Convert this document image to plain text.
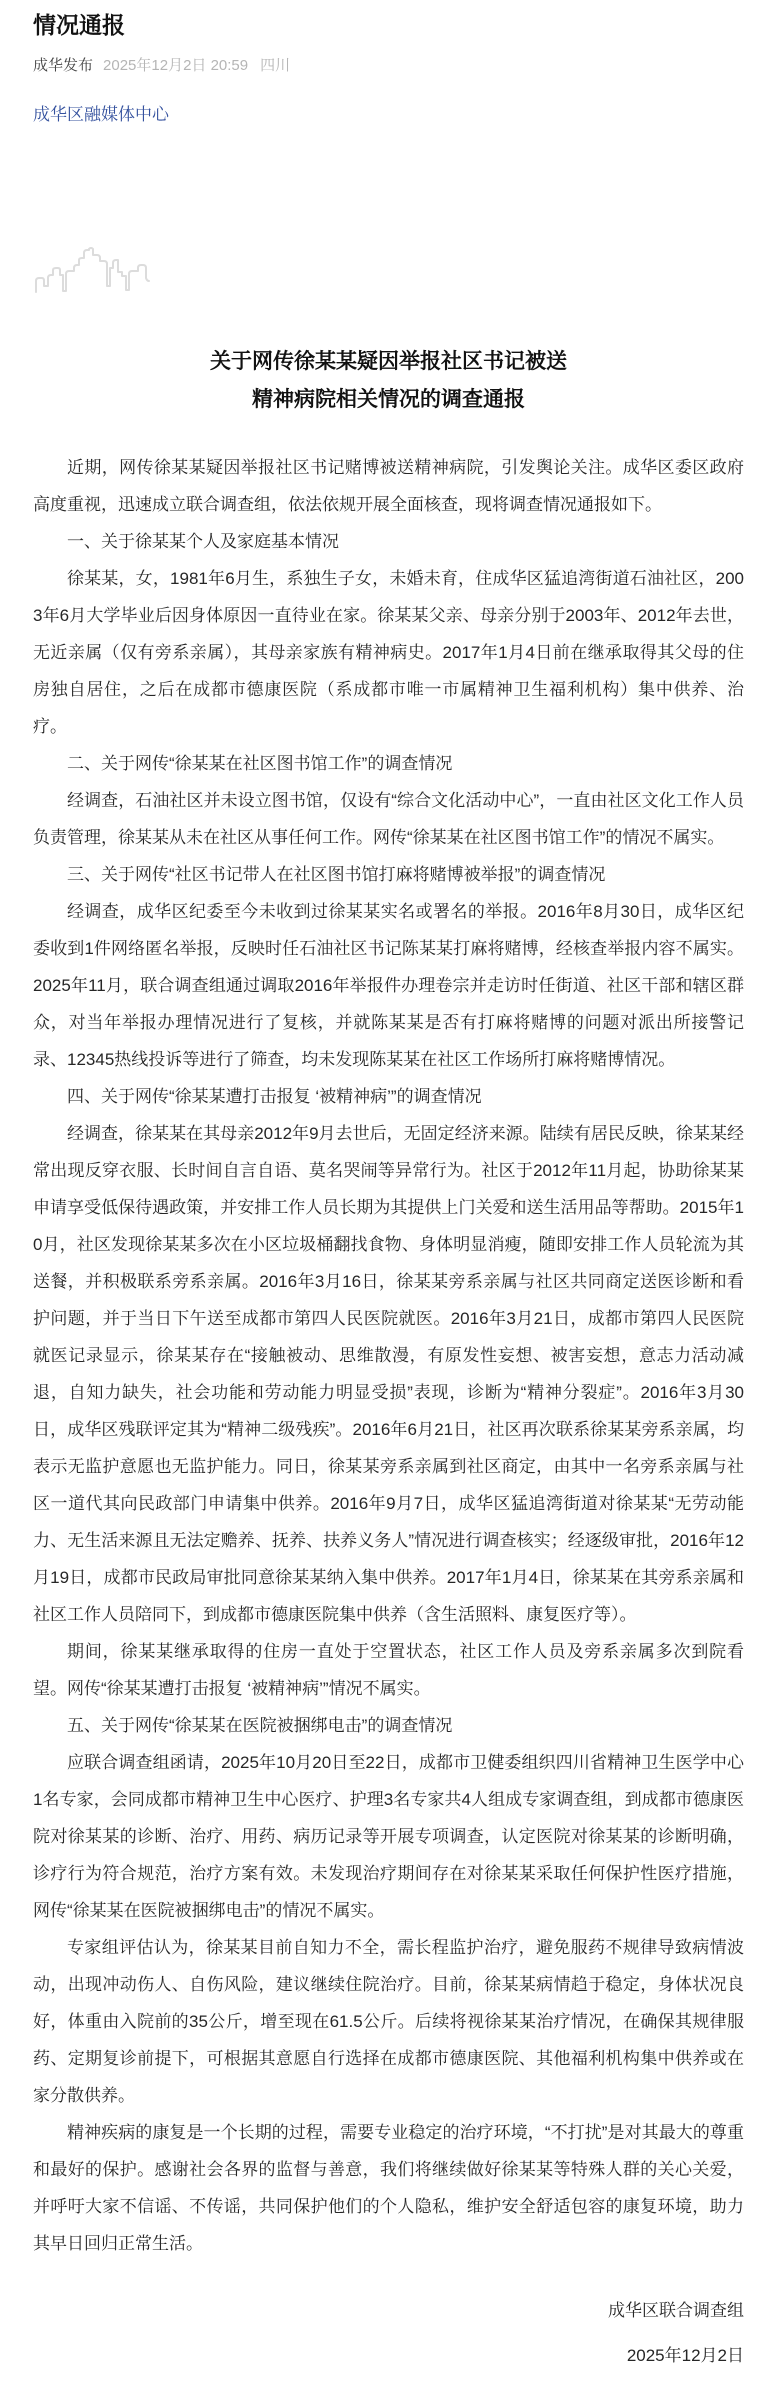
情况通报
成华发布 2025年12月2日 20:59 四川
成华区融媒体中心
关于网传徐某某疑因举报社区书记被送
精神病院相关情况的调查通报

近期，网传徐某某疑因举报社区书记赌博被送精神病院，引发舆论关注。成华区委区政府高度重视，迅速成立联合调查组，依法依规开展全面核查，现将调查情况通报如下。

一、关于徐某某个人及家庭基本情况

徐某某，女，1981年6月生，系独生子女，未婚未育，住成华区猛追湾街道石油社区，2003年6月大学毕业后因身体原因一直待业在家。徐某某父亲、母亲分别于2003年、2012年去世，无近亲属（仅有旁系亲属），其母亲家族有精神病史。2017年1月4日前在继承取得其父母的住房独自居住，之后在成都市德康医院（系成都市唯一市属精神卫生福利机构）集中供养、治疗。

二、关于网传“徐某某在社区图书馆工作”的调查情况

经调查，石油社区并未设立图书馆，仅设有“综合文化活动中心”，一直由社区文化工作人员负责管理，徐某某从未在社区从事任何工作。网传“徐某某在社区图书馆工作”的情况不属实。

三、关于网传“社区书记带人在社区图书馆打麻将赌博被举报”的调查情况

经调查，成华区纪委至今未收到过徐某某实名或署名的举报。2016年8月30日，成华区纪委收到1件网络匿名举报，反映时任石油社区书记陈某某打麻将赌博，经核查举报内容不属实。2025年11月，联合调查组通过调取2016年举报件办理卷宗并走访时任街道、社区干部和辖区群众，对当年举报办理情况进行了复核，并就陈某某是否有打麻将赌博的问题对派出所接警记录、12345热线投诉等进行了筛查，均未发现陈某某在社区工作场所打麻将赌博情况。

四、关于网传“徐某某遭打击报复 ‘被精神病’”的调查情况

经调查，徐某某在其母亲2012年9月去世后，无固定经济来源。陆续有居民反映，徐某某经常出现反穿衣服、长时间自言自语、莫名哭闹等异常行为。社区于2012年11月起，协助徐某某申请享受低保待遇政策，并安排工作人员长期为其提供上门关爱和送生活用品等帮助。2015年10月，社区发现徐某某多次在小区垃圾桶翻找食物、身体明显消瘦，随即安排工作人员轮流为其送餐，并积极联系旁系亲属。2016年3月16日，徐某某旁系亲属与社区共同商定送医诊断和看护问题，并于当日下午送至成都市第四人民医院就医。2016年3月21日，成都市第四人民医院就医记录显示，徐某某存在“接触被动、思维散漫，有原发性妄想、被害妄想，意志力活动减退，自知力缺失，社会功能和劳动能力明显受损”表现，诊断为“精神分裂症”。2016年3月30日，成华区残联评定其为“精神二级残疾”。2016年6月21日，社区再次联系徐某某旁系亲属，均表示无监护意愿也无监护能力。同日，徐某某旁系亲属到社区商定，由其中一名旁系亲属与社区一道代其向民政部门申请集中供养。2016年9月7日，成华区猛追湾街道对徐某某“无劳动能力、无生活来源且无法定赡养、抚养、扶养义务人”情况进行调查核实；经逐级审批，2016年12月19日，成都市民政局审批同意徐某某纳入集中供养。2017年1月4日，徐某某在其旁系亲属和社区工作人员陪同下，到成都市德康医院集中供养（含生活照料、康复医疗等）。

期间，徐某某继承取得的住房一直处于空置状态，社区工作人员及旁系亲属多次到院看望。网传“徐某某遭打击报复 ‘被精神病’”情况不属实。

五、关于网传“徐某某在医院被捆绑电击”的调查情况

应联合调查组函请，2025年10月20日至22日，成都市卫健委组织四川省精神卫生医学中心1名专家，会同成都市精神卫生中心医疗、护理3名专家共4人组成专家调查组，到成都市德康医院对徐某某的诊断、治疗、用药、病历记录等开展专项调查，认定医院对徐某某的诊断明确，诊疗行为符合规范，治疗方案有效。未发现治疗期间存在对徐某某采取任何保护性医疗措施，网传“徐某某在医院被捆绑电击”的情况不属实。

专家组评估认为，徐某某目前自知力不全，需长程监护治疗，避免服药不规律导致病情波动，出现冲动伤人、自伤风险，建议继续住院治疗。目前，徐某某病情趋于稳定，身体状况良好，体重由入院前的35公斤，增至现在61.5公斤。后续将视徐某某治疗情况，在确保其规律服药、定期复诊前提下，可根据其意愿自行选择在成都市德康医院、其他福利机构集中供养或在家分散供养。

精神疾病的康复是一个长期的过程，需要专业稳定的治疗环境，“不打扰”是对其最大的尊重和最好的保护。感谢社会各界的监督与善意，我们将继续做好徐某某等特殊人群的关心关爱，并呼吁大家不信谣、不传谣，共同保护他们的个人隐私，维护安全舒适包容的康复环境，助力其早日回归正常生活。

成华区联合调查组
2025年12月2日
